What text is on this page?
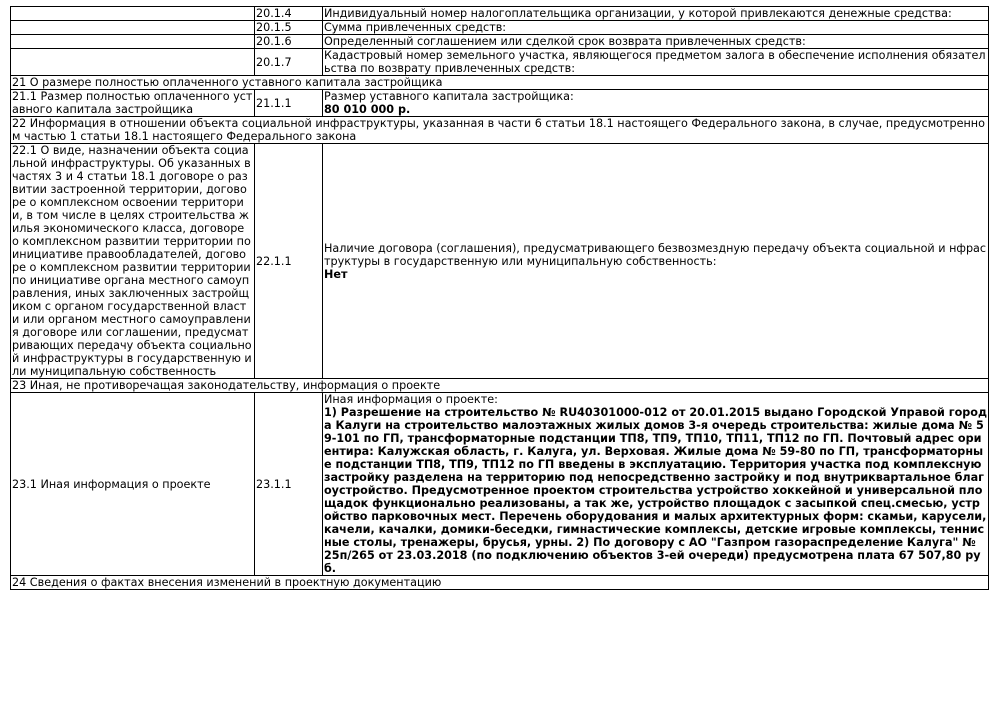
	20.1.4	Индивидуальный номер налогоплательщика организации, у которой привлекаются денежные средства:
	20.1.5	Сумма привлеченных средств:
	20.1.6	Определенный соглашением или сделкой срок возврата привлеченных средств:
	20.1.7	Кадастровый номер земельного участка, являющегося предметом залога в обеспечение исполнения обязательства по возврату привлеченных средств:
21 О размере полностью оплаченного уставного капитала застройщика		
21.1 Размер полностью оплаченного уставного капитала застройщика	21.1.1	Размер уставного капитала застройщика:
80 010 000 р.

22 Информация в отношении объекта социальной инфраструктуры, указанная в части 6 статьи 18.1 настоящего Федерального закона, в случае, предусмотренном частью 1 статьи 18.1 настоящего Федерального закона		
22.1 О виде, назначении объекта социальной инфраструктуры. Об указанных в частях 3 и 4 статьи 18.1 договоре о развитии застроенной территории, договоре о комплексном освоении территории, в том числе в целях строительства жилья экономического класса, договоре о комплексном развитии территории по инициативе правообладателей, договоре о комплексном развитии территории по инициативе органа местного самоуправления, иных заключенных застройщиком с органом государственной власти или органом местного самоуправления договоре или соглашении, предусматривающих передачу объекта социальной инфраструктуры в государственную или муниципальную собственность	22.1.1	Наличие договора (соглашения), предусматривающего безвозмездную передачу объекта социальной и нфраструктуры в государственную или муниципальную собственность:
Нет

23 Иная, не противоречащая законодательству, информация о проекте		
23.1 Иная информация о проекте	23.1.1	Иная информация о проекте:
1) Разрешение на строительство № RU40301000-012 от 20.01.2015 выдано Городской Управой города Калуги на строительство малоэтажных жилых домов 3-я очередь строительства: жилые дома № 59-101 по ГП, трансформаторные подстанции ТП8, ТП9, ТП10, ТП11, ТП12 по ГП. Почтовый адрес ориентира: Калужская область, г. Калуга, ул. Верховая. Жилые дома № 59-80 по ГП, трансформаторные подстанции ТП8, ТП9, ТП12 по ГП введены в эксплуатацию. Территория участка под комплексную застройку разделена на территорию под непосредственно застройку и под внутриквартальное благоустройство. Предусмотренное проектом строительства устройство хоккейной и универсальной площадок функционально реализованы, а так же, устройство площадок с засыпкой спец.смесью, устройство парковочных мест. Перечень оборудования и малых архитектурных форм: скамьи, карусели, качели, качалки, домики-беседки, гимнастические комплексы, детские игровые комплексы, теннисные столы, тренажеры, брусья, урны. 2) По договору с АО "Газпром газораспределение Калуга" № 25п/265 от 23.03.2018 (по подключению объектов 3-ей очереди) предусмотрена плата 67 507,80 руб.

24 Сведения о фактах внесения изменений в проектную документацию		
